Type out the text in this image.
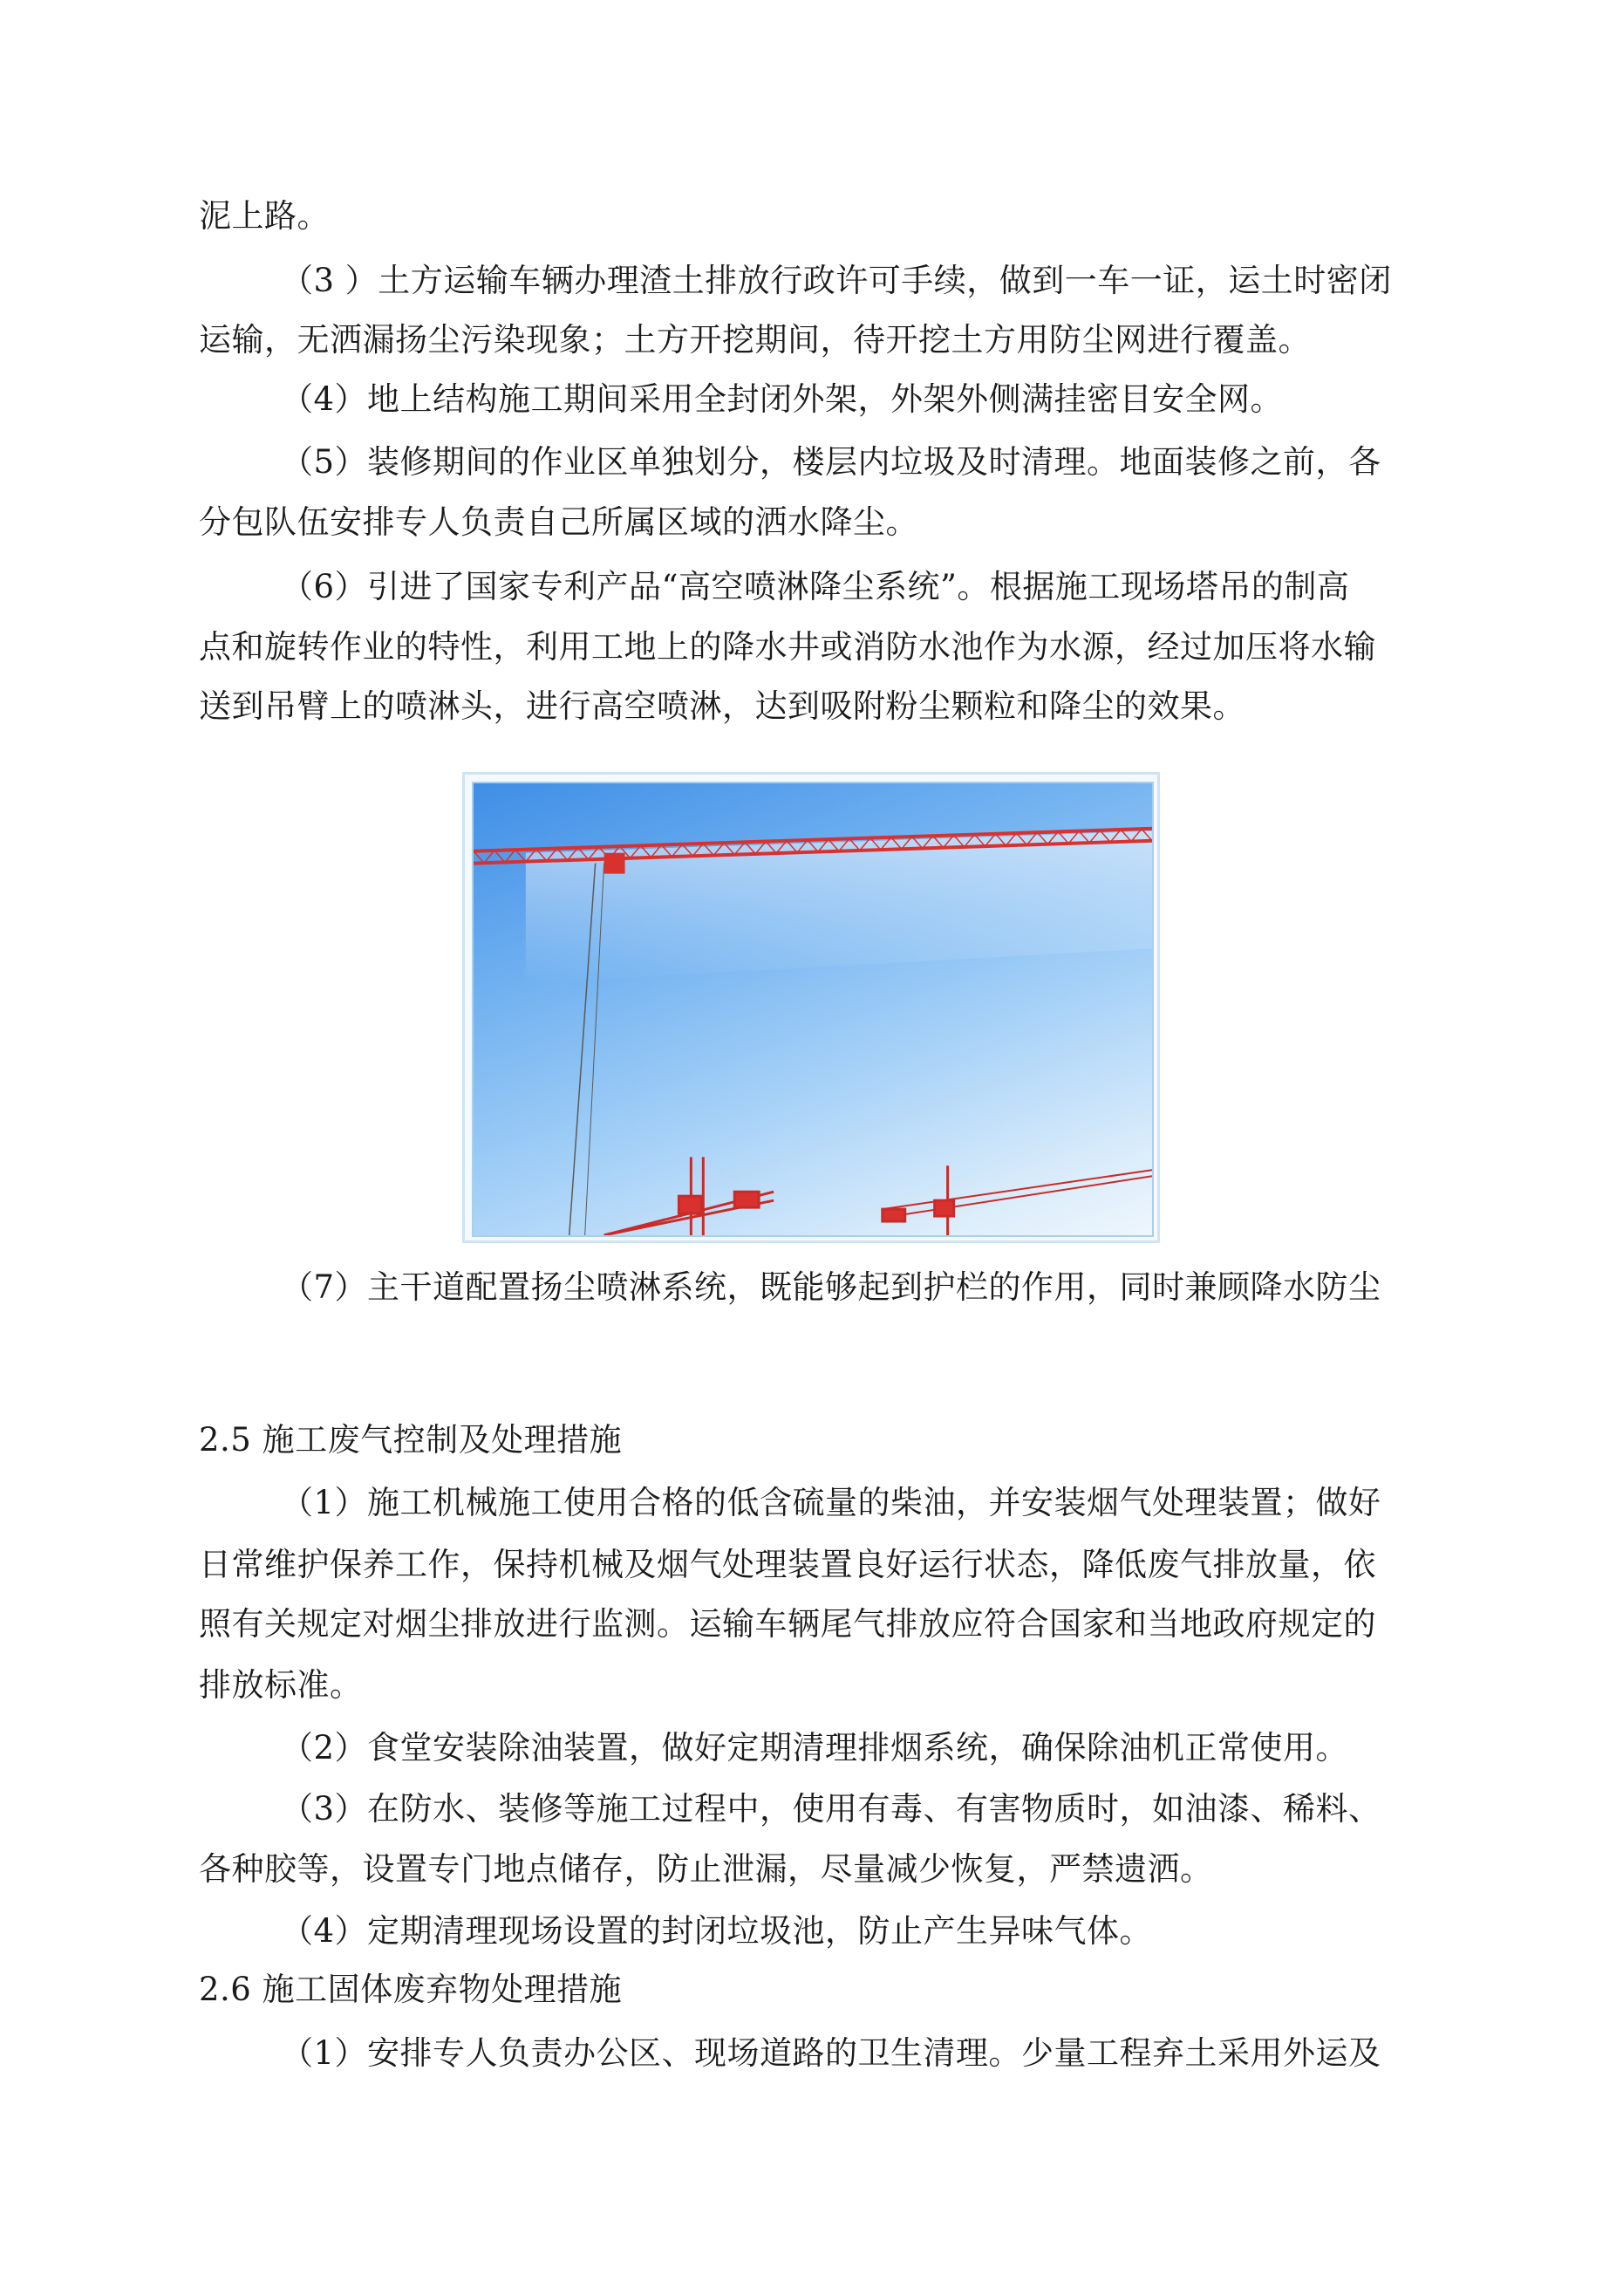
泥上路。
（3 ）土方运输车辆办理渣土排放行政许可手续，做到一车一证，运土时密闭
运输，无洒漏扬尘污染现象；土方开挖期间，待开挖土方用防尘网进行覆盖。
（4）地上结构施工期间采用全封闭外架，外架外侧满挂密目安全网。
（5）装修期间的作业区单独划分，楼层内垃圾及时清理。地面装修之前，各
分包队伍安排专人负责自己所属区域的洒水降尘。
（6）引进了国家专利产品“高空喷淋降尘系统”。根据施工现场塔吊的制高
点和旋转作业的特性，利用工地上的降水井或消防水池作为水源，经过加压将水输
送到吊臂上的喷淋头，进行高空喷淋，达到吸附粉尘颗粒和降尘的效果。
（7）主干道配置扬尘喷淋系统，既能够起到护栏的作用，同时兼顾降水防尘
2.5 施工废气控制及处理措施
（1）施工机械施工使用合格的低含硫量的柴油，并安装烟气处理装置；做好
日常维护保养工作，保持机械及烟气处理装置良好运行状态，降低废气排放量，依
照有关规定对烟尘排放进行监测。运输车辆尾气排放应符合国家和当地政府规定的
排放标准。
（2）食堂安装除油装置，做好定期清理排烟系统，确保除油机正常使用。
（3）在防水、装修等施工过程中，使用有毒、有害物质时，如油漆、稀料、
各种胶等，设置专门地点储存，防止泄漏，尽量减少恢复，严禁遗洒。
（4）定期清理现场设置的封闭垃圾池，防止产生异味气体。
2.6 施工固体废弃物处理措施
（1）安排专人负责办公区、现场道路的卫生清理。少量工程弃土采用外运及
